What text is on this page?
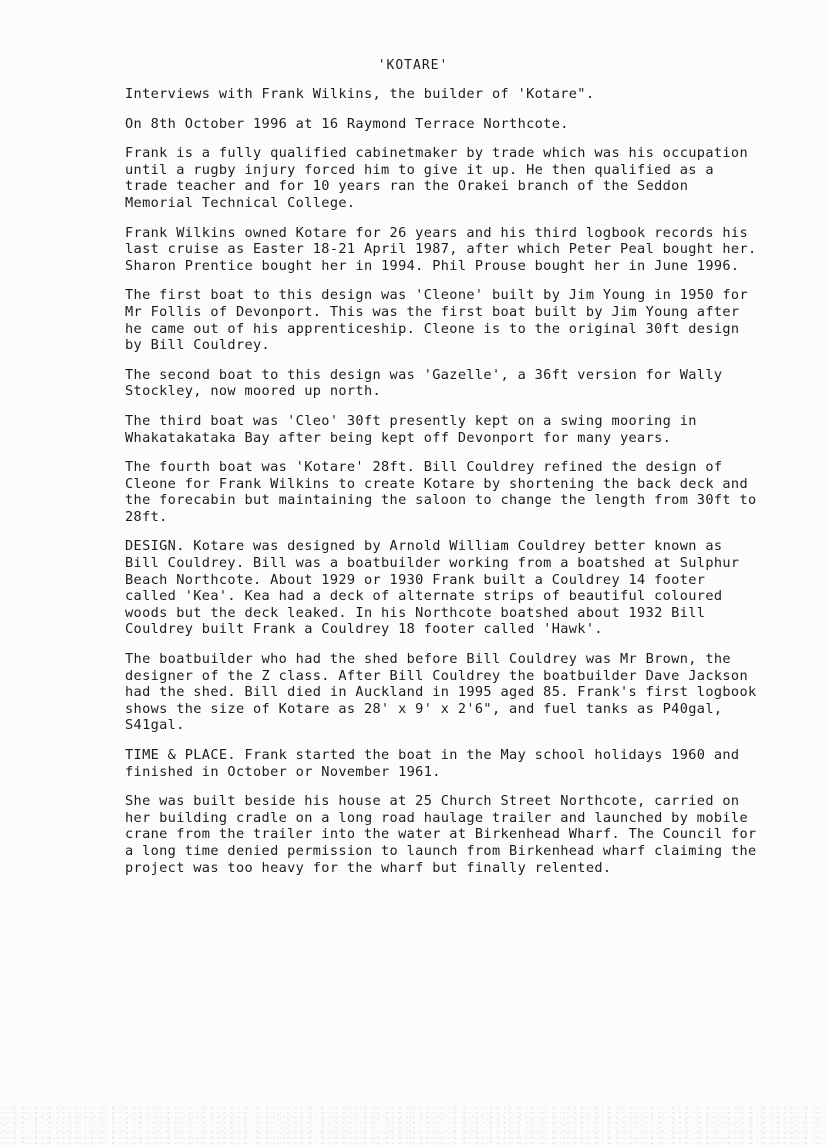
'KOTARE'

Interviews with Frank Wilkins, the builder of 'Kotare".

On 8th October 1996 at 16 Raymond Terrace Northcote.

Frank is a fully qualified cabinetmaker by trade which was his occupation until a rugby injury forced him to give it up. He then qualified as a trade teacher and for 10 years ran the Orakei branch of the Seddon Memorial Technical College.

Frank Wilkins owned Kotare for 26 years and his third logbook records his last cruise as Easter 18-21 April 1987, after which Peter Peal bought her. Sharon Prentice bought her in 1994. Phil Prouse bought her in June 1996.

The first boat to this design was 'Cleone' built by Jim Young in 1950 for Mr Follis of Devonport. This was the first boat built by Jim Young after he came out of his apprenticeship. Cleone is to the original 30ft design by Bill Couldrey.

The second boat to this design was 'Gazelle', a 36ft version for Wally Stockley, now moored up north.

The third boat was 'Cleo' 30ft presently kept on a swing mooring in Whakatakataka Bay after being kept off Devonport for many years.

The fourth boat was 'Kotare' 28ft. Bill Couldrey refined the design of Cleone for Frank Wilkins to create Kotare by shortening the back deck and the forecabin but maintaining the saloon to change the length from 30ft to 28ft.

DESIGN. Kotare was designed by Arnold William Couldrey better known as Bill Couldrey. Bill was a boatbuilder working from a boatshed at Sulphur Beach Northcote. About 1929 or 1930 Frank built a Couldrey 14 footer called 'Kea'. Kea had a deck of alternate strips of beautiful coloured woods but the deck leaked. In his Northcote boatshed about 1932 Bill Couldrey built Frank a Couldrey 18 footer called 'Hawk'.

The boatbuilder who had the shed before Bill Couldrey was Mr Brown, the designer of the Z class. After Bill Couldrey the boatbuilder Dave Jackson had the shed. Bill died in Auckland in 1995 aged 85. Frank's first logbook shows the size of Kotare as 28' x 9' x 2'6", and fuel tanks as P40gal, S41gal.

TIME & PLACE. Frank started the boat in the May school holidays 1960 and finished in October or November 1961.

She was built beside his house at 25 Church Street Northcote, carried on her building cradle on a long road haulage trailer and launched by mobile crane from the trailer into the water at Birkenhead Wharf. The Council for a long time denied permission to launch from Birkenhead wharf claiming the project was too heavy for the wharf but finally relented.
